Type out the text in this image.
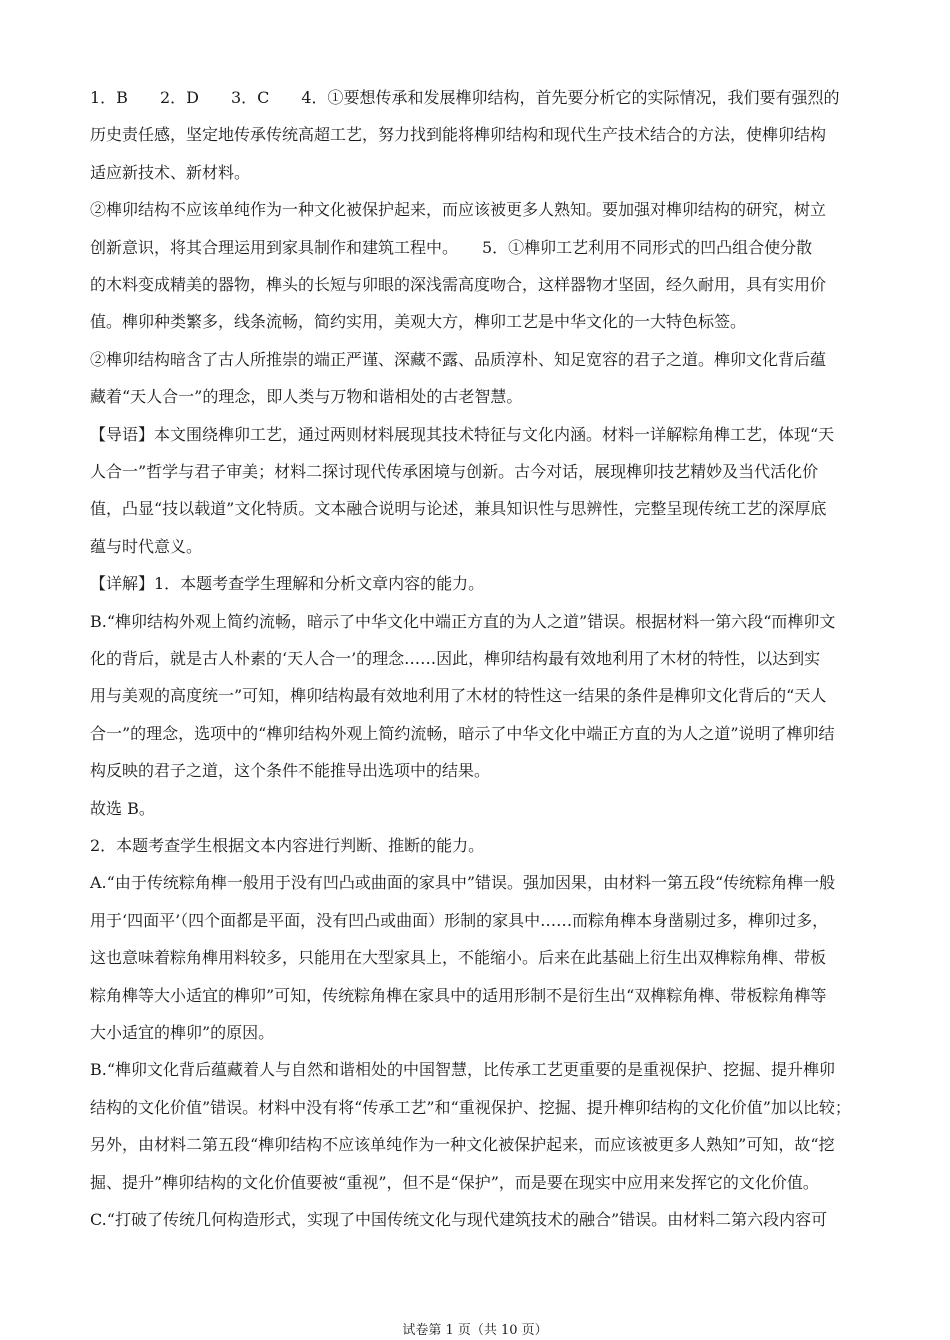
1．B　　2．D　　3．C　　4．①要想传承和发展榫卯结构，首先要分析它的实际情况，我们要有强烈的
历史责任感，坚定地传承传统高超工艺，努力找到能将榫卯结构和现代生产技术结合的方法，使榫卯结构
适应新技术、新材料。
②榫卯结构不应该单纯作为一种文化被保护起来，而应该被更多人熟知。要加强对榫卯结构的研究，树立
创新意识，将其合理运用到家具制作和建筑工程中。　　5．①榫卯工艺利用不同形式的凹凸组合使分散
的木料变成精美的器物，榫头的长短与卯眼的深浅需高度吻合，这样器物才坚固，经久耐用，具有实用价
值。榫卯种类繁多，线条流畅，简约实用，美观大方，榫卯工艺是中华文化的一大特色标签。
②榫卯结构暗含了古人所推崇的端正严谨、深藏不露、品质淳朴、知足宽容的君子之道。榫卯文化背后蕴
藏着“天人合一”的理念，即人类与万物和谐相处的古老智慧。
【导语】本文围绕榫卯工艺，通过两则材料展现其技术特征与文化内涵。材料一详解粽角榫工艺，体现“天
人合一”哲学与君子审美；材料二探讨现代传承困境与创新。古今对话，展现榫卯技艺精妙及当代活化价
值，凸显“技以载道”文化特质。文本融合说明与论述，兼具知识性与思辨性，完整呈现传统工艺的深厚底
蕴与时代意义。
【详解】1．本题考查学生理解和分析文章内容的能力。
B.“榫卯结构外观上简约流畅，暗示了中华文化中端正方直的为人之道”错误。根据材料一第六段“而榫卯文
化的背后，就是古人朴素的‘天人合一’的理念……因此，榫卯结构最有效地利用了木材的特性，以达到实
用与美观的高度统一”可知，榫卯结构最有效地利用了木材的特性这一结果的条件是榫卯文化背后的“天人
合一”的理念，选项中的“榫卯结构外观上简约流畅，暗示了中华文化中端正方直的为人之道”说明了榫卯结
构反映的君子之道，这个条件不能推导出选项中的结果。
故选 B。
2．本题考查学生根据文本内容进行判断、推断的能力。
A.“由于传统粽角榫一般用于没有凹凸或曲面的家具中”错误。强加因果，由材料一第五段“传统粽角榫一般
用于‘四面平’（四个面都是平面，没有凹凸或曲面）形制的家具中……而粽角榫本身凿剔过多，榫卯过多，
这也意味着粽角榫用料较多，只能用在大型家具上，不能缩小。后来在此基础上衍生出双榫粽角榫、带板
粽角榫等大小适宜的榫卯”可知，传统粽角榫在家具中的适用形制不是衍生出“双榫粽角榫、带板粽角榫等
大小适宜的榫卯”的原因。
B.“榫卯文化背后蕴藏着人与自然和谐相处的中国智慧，比传承工艺更重要的是重视保护、挖掘、提升榫卯
结构的文化价值”错误。材料中没有将“传承工艺”和“重视保护、挖掘、提升榫卯结构的文化价值”加以比较；
另外，由材料二第五段“榫卯结构不应该单纯作为一种文化被保护起来，而应该被更多人熟知”可知，故“挖
掘、提升”榫卯结构的文化价值要被“重视”，但不是“保护”，而是要在现实中应用来发挥它的文化价值。
C.“打破了传统几何构造形式，实现了中国传统文化与现代建筑技术的融合”错误。由材料二第六段内容可
试卷第 1 页（共 10 页）
